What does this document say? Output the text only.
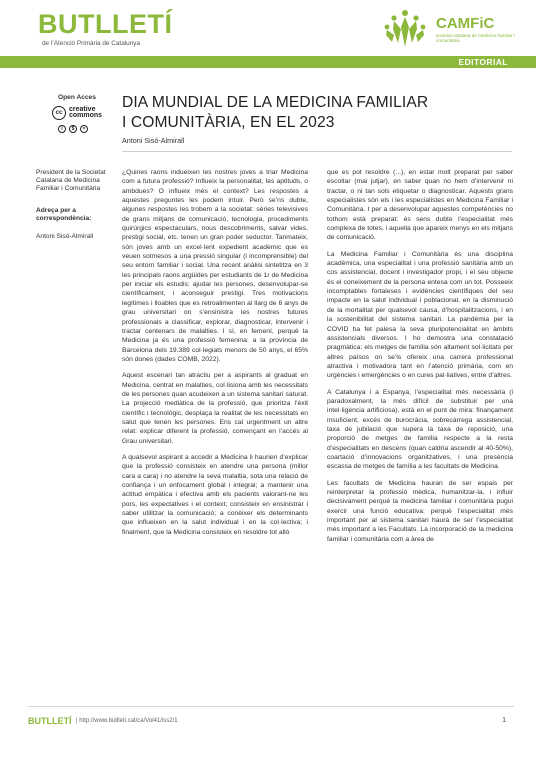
BUTLLETÍ
de l’Atenció Primària de Catalunya
CAMFiC
societat catalana de medicina familiar i comunitària
EDITORIAL
Open Acces
cc creative commons
i	$	=
President de la Societat Catalana de Medicina Familiar i Comunitària
Adreça per a correspondència:
Antoni Sisó-Almirall
DIA MUNDIAL DE LA MEDICINA FAMILIAR
I COMUNITÀRIA, EN EL 2023
Antoni Sisó-Almirall

¿Quines raons indueixen les nostres joves a triar Medicina com a futura professió? Influeix la personalitat, les aptituds, o ambdues? O influeix més el context? Les respostes a aquestes preguntes les podem intuir. Però se’ns dubte, algunes respostes les trobem a la societat: sèries televisives de grans mitjans de comunicació, tecnologia, procediments quirúrgics espectaculars, nous descobriments, salvar vides, prestigi social, etc. tenen un gran poder seductor. Tanmateix, són joves amb un excel·lent expedient acadèmic que es veuen sotmesos a una pressió singular (i incomprensible) del seu entorn familiar i social. Una recent anàlisi sintetitza en 3 les principals raons argüides per estudiants de 1r de Medicina per iniciar els estudis: ajudar les persones, desenvolupar-se científicament, i aconseguir prestigi. Tres motivacions legítimes i lloables que es retroalimenten al llarg de 6 anys de grau universitari on s’ensinistra les nostres futures professionals a classificar, explorar, diagnosticar, intervenir i tractar centenars de malalties. I sí, en femení, perquè la Medicina ja és una professió femenina: a la província de Barcelona dels 19.389 col·legiats menors de 50 anys, el 65% són dones (dades COMB, 2022).

Aquest escenari tan atractiu per a aspirants al graduat en Medicina, centrat en malalties, col·lisiona amb les necessitats de les persones quan acudeixen a un sistema sanitari saturat. La projecció mediàtica de la professió, que prioritza l’èxit científic i tecnològic, desplaça la realitat de les necessitats en salut que tenen les persones. Ens cal urgentment un altre relat: explicar diferent la professió, començant en l’accés al Grau universitari.

A qualsevol aspirant a accedir a Medicina li haurien d’explicar que la professió consisteix en atendre una persona (millor cara a cara) i no atendre la seva malaltia, sota una relació de confiança i un enfocament global i integral; a mantenir una actitud empàtica i efectiva amb els pacients valorant-ne les pors, les expectatives i el context; consisteix en ensinistrar i saber utilitzar la comunicació; a conèixer els determinants que influeixen en la salut individual i en la col·lectiva; i finalment, que la Medicina consisteix en resoldre tot allò

que es pot resoldre (...), en estar molt preparat per saber escoltar (mai jutjar), en saber quan no hem d’intervenir ni tractar, o ni tan sols etiquetar o diagnosticar. Aquests grans especialistes són els i les especialistes en Medicina Familiar i Comunitària. I per a desenvolupar aquestes competències no tothom està preparat: és sens dubte l’especialitat més complexa de totes, i aquella que apareix menys en els mitjans de comunicació.

La Medicina Familiar i Comunitària és una disciplina acadèmica, una especialitat i una professió sanitària amb un cos assistencial, docent i investigador propi, i el seu objecte és el coneixement de la persona entesa com un tot. Posseeix incomptables fortaleses i evidències científiques del seu impacte en la salut individual i poblacional, en la disminució de la mortalitat per qualsevol causa, d’hospitalitzacions, i en la sostenibilitat del sistema sanitari. La pandèmia per la COVID ha fet palesa la seva pluripotencialitat en àmbits assistencials diversos. I ho demostra una constatació pragmàtica: els metges de família són altament sol·licitats per altres països on se’ls ofereix una carrera professional atractiva i motivadora tant en l’atenció primària, com en urgències i emergències o en cures pal·liatives, entre d’altres.

A Catalunya i a Espanya, l’especialitat més necessària (i paradoxalment, la més difícil de substituir per una intel·ligència artificiosa), està en el punt de mira: finançament insuficient, excés de burocràcia, sobrecàrrega assistencial, taxa de jubilació que supera la taxa de reposició, una proporció de metges de família respecte a la resta d’especialitats en descens (quan caldria ascendir al 40-50%), coartació d’innovacions organitzatives, i una presència escassa de metges de família a les facultats de Medicina.

Les facultats de Medicina hauran de ser espais per reinterpretar la professió mèdica, humanitzar-la, i influir decisivament perquè la medicina familiar i comunitària pugui exercir una funció educativa: perquè l’especialitat més important per al sistema sanitari haurà de ser l’especialitat més important a les Facultats. La incorporació de la medicina familiar i comunitària com a àrea de

BUTLLETÍ | http://www.butlleti.cat/ca/Vol41/iss2/1	1
